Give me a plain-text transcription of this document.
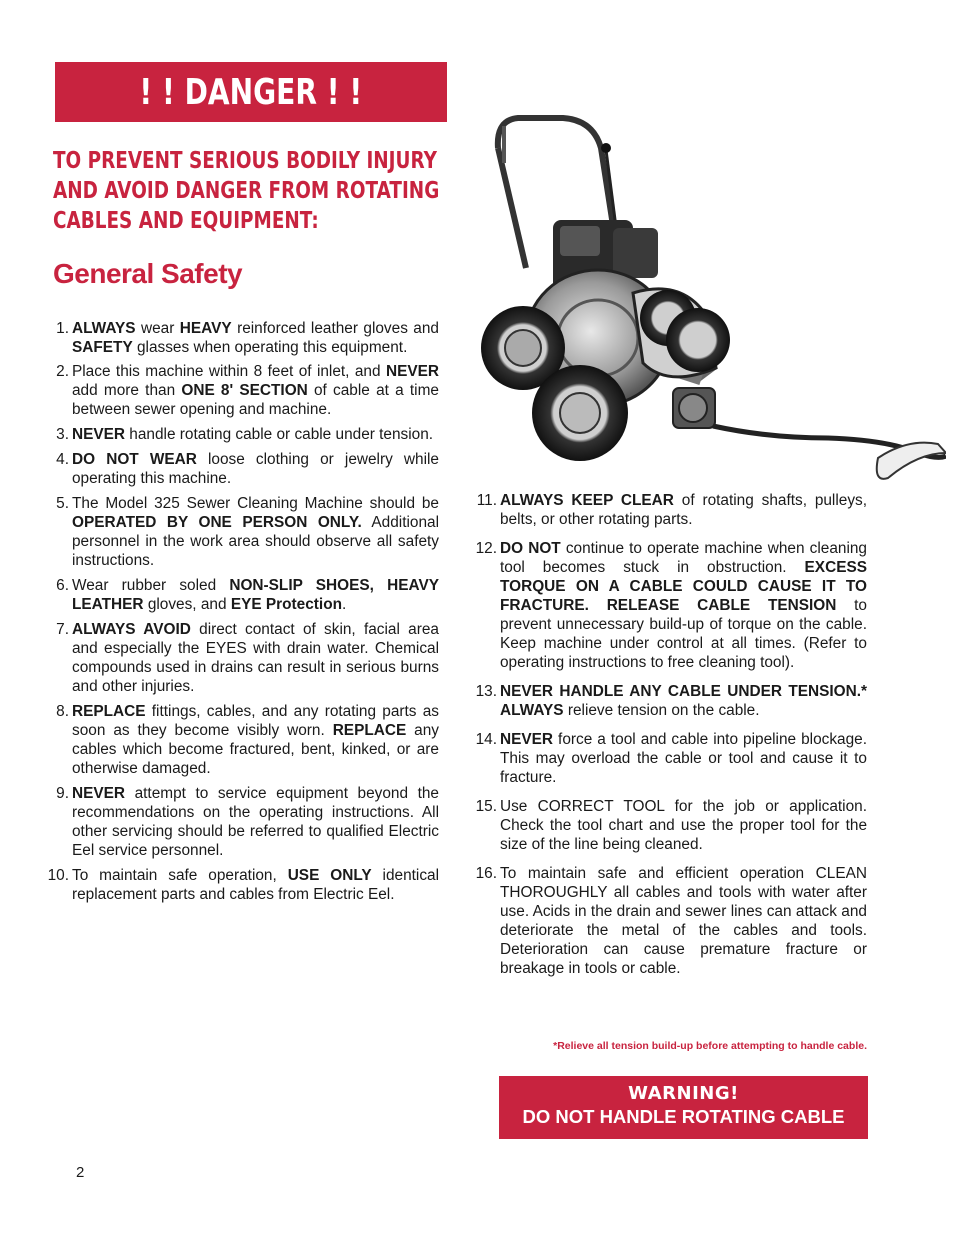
! ! DANGER ! !
TO PREVENT SERIOUS BODILY INJURY
AND AVOID DANGER FROM ROTATING
CABLES AND EQUIPMENT:
General Safety
1. ALWAYS wear HEAVY reinforced leather gloves and SAFETY glasses when operating this equipment.
2. Place this machine within 8 feet of inlet, and NEVER add more than ONE 8' SECTION of cable at a time between sewer opening and machine.
3. NEVER handle rotating cable or cable under tension.
4. DO NOT WEAR loose clothing or jewelry while operating this machine.
5. The Model 325 Sewer Cleaning Machine should be OPERATED BY ONE PERSON ONLY. Additional personnel in the work area should observe all safety instructions.
6. Wear rubber soled NON-SLIP SHOES, HEAVY LEATHER gloves, and EYE Protection.
7. ALWAYS AVOID direct contact of skin, facial area and especially the EYES with drain water. Chemical compounds used in drains can result in serious burns and other injuries.
8. REPLACE fittings, cables, and any rotating parts as soon as they become visibly worn. REPLACE any cables which become fractured, bent, kinked, or are otherwise damaged.
9. NEVER attempt to service equipment beyond the recommendations on the operating instructions. All other servicing should be referred to qualified Electric Eel service personnel.
10. To maintain safe operation, USE ONLY identical replacement parts and cables from Electric Eel.
11. ALWAYS KEEP CLEAR of rotating shafts, pulleys, belts, or other rotating parts.
12. DO NOT continue to operate machine when cleaning tool becomes stuck in obstruction. EXCESS TORQUE ON A CABLE COULD CAUSE IT TO FRACTURE. RELEASE CABLE TENSION to prevent unnecessary build-up of torque on the cable. Keep machine under control at all times. (Refer to operating instructions to free cleaning tool).
13. NEVER HANDLE ANY CABLE UNDER TENSION.* ALWAYS relieve tension on the cable.
14. NEVER force a tool and cable into pipeline blockage. This may overload the cable or tool and cause it to fracture.
15. Use CORRECT TOOL for the job or application. Check the tool chart and use the proper tool for the size of the line being cleaned.
16. To maintain safe and efficient operation CLEAN THOROUGHLY all cables and tools with water after use. Acids in the drain and sewer lines can attack and deteriorate the metal of the cables and tools. Deterioration can cause premature fracture or breakage in tools or cable.
*Relieve all tension build-up before attempting to handle cable.
WARNING!
DO NOT HANDLE ROTATING CABLE
2
